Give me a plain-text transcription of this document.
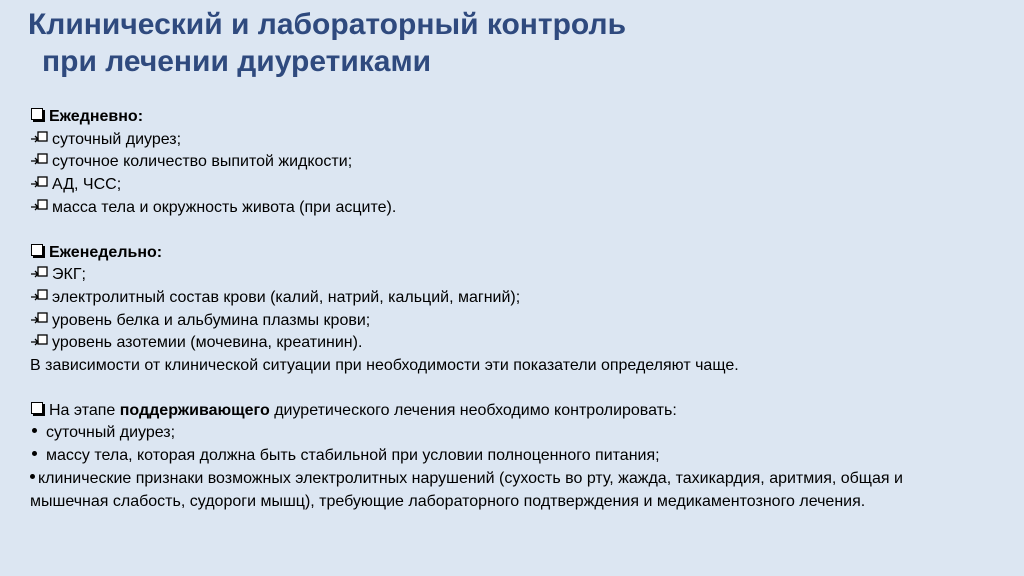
Клинический и лабораторный контроль
при лечении диуретиками
Ежедневно:
суточный диурез;
суточное количество выпитой жидкости;
АД, ЧСС;
масса тела и окружность живота (при асците).
Еженедельно:
ЭКГ;
электролитный состав крови (калий, натрий, кальций, магний);
уровень белка и альбумина плазмы крови;
уровень азотемии (мочевина, креатинин).
В зависимости от клинической ситуации при необходимости эти показатели определяют чаще.
На этапе поддерживающего диуретического лечения необходимо контролировать:
суточный диурез;
массу тела, которая должна быть стабильной при условии полноценного питания;
клинические признаки возможных электролитных нарушений (сухость во рту, жажда, тахикардия, аритмия, общая и мышечная слабость, судороги мышц), требующие лабораторного подтверждения и медикаментозного лечения.
